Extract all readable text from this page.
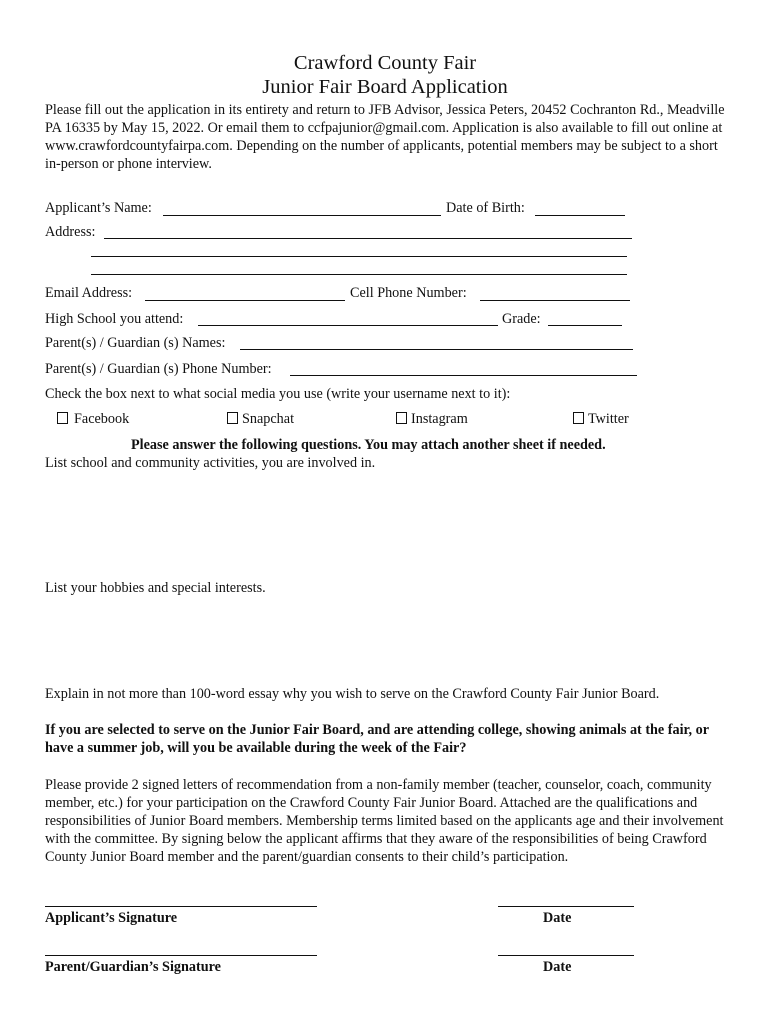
Crawford County Fair
Junior Fair Board Application
Please fill out the application in its entirety and return to JFB Advisor, Jessica Peters, 20452 Cochranton Rd., Meadville PA 16335 by May 15, 2022. Or email them to ccfpajunior@gmail.com. Application is also available to fill out online at www.crawfordcountyfairpa.com. Depending on the number of applicants, potential members may be subject to a short in-person or phone interview.
Applicant’s Name:	Date of Birth:
Address:
Email Address:	Cell Phone Number:
High School you attend:	Grade:
Parent(s) / Guardian (s) Names:
Parent(s) / Guardian (s) Phone Number:
Check the box next to what social media you use (write your username next to it):
Facebook	Snapchat	Instagram	Twitter
Please answer the following questions. You may attach another sheet if needed.
List school and community activities, you are involved in.
List your hobbies and special interests.
Explain in not more than 100-word essay why you wish to serve on the Crawford County Fair Junior Board.
If you are selected to serve on the Junior Fair Board, and are attending college, showing animals at the fair, or have a summer job, will you be available during the week of the Fair?
Please provide 2 signed letters of recommendation from a non-family member (teacher, counselor, coach, community member, etc.) for your participation on the Crawford County Fair Junior Board. Attached are the qualifications and responsibilities of Junior Board members. Membership terms limited based on the applicants age and their involvement with the committee. By signing below the applicant affirms that they aware of the responsibilities of being Crawford County Junior Board member and the parent/guardian consents to their child’s participation.
Applicant’s Signature	Date
Parent/Guardian’s Signature	Date
